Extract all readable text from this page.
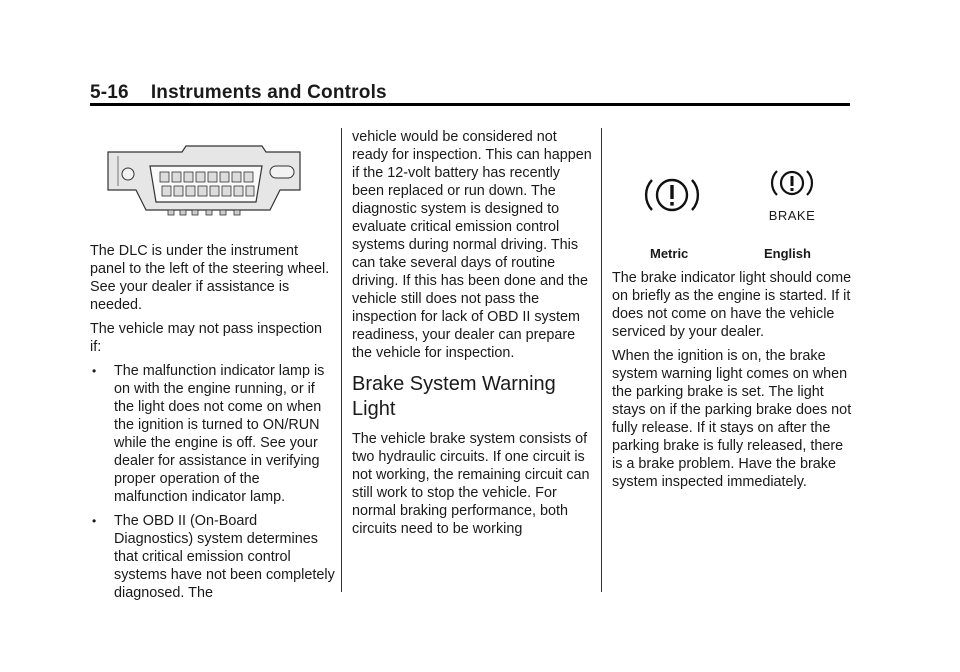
5-16 Instruments and Controls

The DLC is under the instrument panel to the left of the steering wheel. See your dealer if assistance is needed.

The vehicle may not pass inspection if:

• The malfunction indicator lamp is on with the engine running, or if the light does not come on when the ignition is turned to ON/RUN while the engine is off. See your dealer for assistance in verifying proper operation of the malfunction indicator lamp.
• The OBD II (On-Board Diagnostics) system determines that critical emission control systems have not been completely diagnosed. The

vehicle would be considered not ready for inspection. This can happen if the 12-volt battery has recently been replaced or run down. The diagnostic system is designed to evaluate critical emission control systems during normal driving. This can take several days of routine driving. If this has been done and the vehicle still does not pass the inspection for lack of OBD II system readiness, your dealer can prepare the vehicle for inspection.

Brake System Warning Light

The vehicle brake system consists of two hydraulic circuits. If one circuit is not working, the remaining circuit can still work to stop the vehicle. For normal braking performance, both circuits need to be working

BRAKE
Metric	English

The brake indicator light should come on briefly as the engine is started. If it does not come on have the vehicle serviced by your dealer.

When the ignition is on, the brake system warning light comes on when the parking brake is set. The light stays on if the parking brake does not fully release. If it stays on after the parking brake is fully released, there is a brake problem. Have the brake system inspected immediately.
